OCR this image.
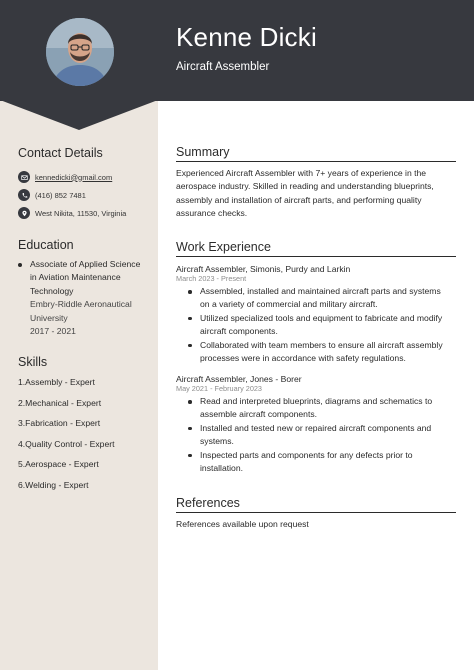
Kenne Dicki
Aircraft Assembler
Contact Details
kennedicki@gmail.com
(416) 852 7481
West Nikita, 11530, Virginia
Education
Associate of Applied Science
in Aviation Maintenance
Technology
Embry-Riddle Aeronautical
University
2017 - 2021
Skills
1.Assembly - Expert
2.Mechanical - Expert
3.Fabrication - Expert
4.Quality Control - Expert
5.Aerospace - Expert
6.Welding - Expert
Summary
Experienced Aircraft Assembler with 7+ years of experience in the
aerospace industry. Skilled in reading and understanding blueprints,
assembly and installation of aircraft parts, and performing quality
assurance checks.
Work Experience
Aircraft Assembler, Simonis, Purdy and Larkin
March 2023 - Present
Assembled, installed and maintained aircraft parts and systems
on a variety of commercial and military aircraft.
Utilized specialized tools and equipment to fabricate and modify
aircraft components.
Collaborated with team members to ensure all aircraft assembly
processes were in accordance with safety regulations.
Aircraft Assembler, Jones - Borer
May 2021 - February 2023
Read and interpreted blueprints, diagrams and schematics to
assemble aircraft components.
Installed and tested new or repaired aircraft components and
systems.
Inspected parts and components for any defects prior to
installation.
References
References available upon request
